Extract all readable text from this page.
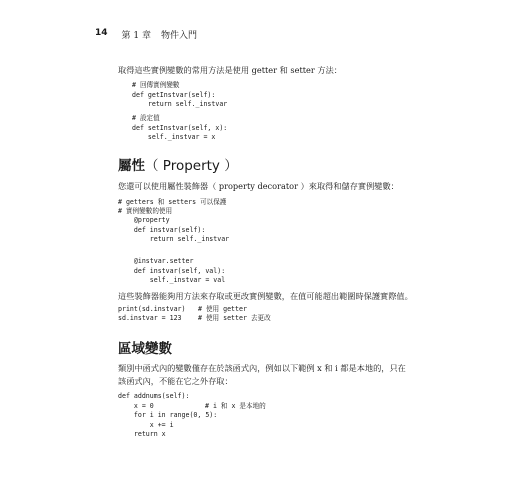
14 第 1 章 物件入門
取得這些實例變數的常用方法是使用 getter 和 setter 方法：
# 回傳實例變數
def getInstvar(self):
return self._instvar
# 設定值
def setInstvar(self, x):
self._instvar = x
屬性（ Property ）
您還可以使用屬性裝飾器（ property decorator ）來取得和儲存實例變數：
# getters 和 setters 可以保護
# 實例變數的使用
@property
def instvar(self):
return self._instvar
@instvar.setter
def instvar(self, val):
self._instvar = val
這些裝飾器能夠用方法來存取或更改實例變數，在值可能超出範圍時保護實際值。
print(sd.instvar) # 使用 getter
sd.instvar = 123 # 使用 setter 去更改
區域變數
類別中函式內的變數僅存在於該函式內，例如以下範例 x 和 i 都是本地的，只在該函式內，不能在它之外存取：
def addnums(self):
x = 0	# i 和 x 是本地的
for i in range(0, 5):
x += i
return x
